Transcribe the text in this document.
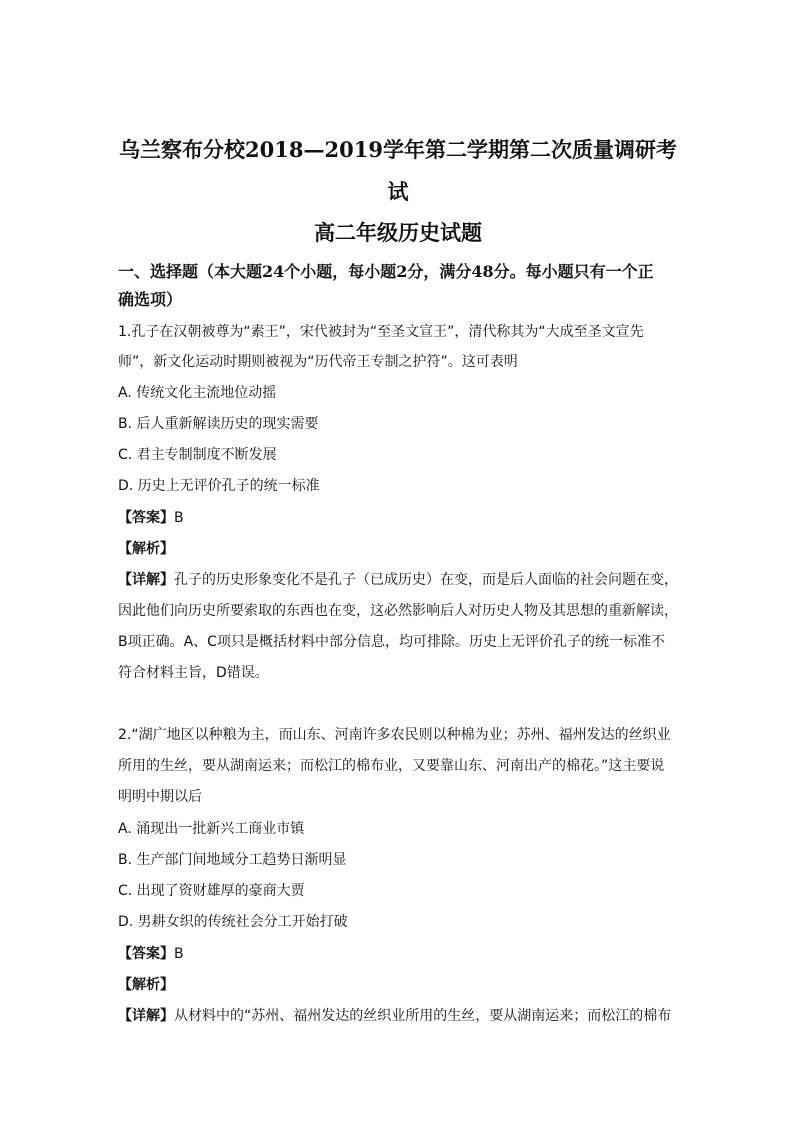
乌兰察布分校2018—2019学年第二学期第二次质量调研考
试
高二年级历史试题
一、选择题（本大题24个小题，每小题2分，满分48分。每小题只有一个正
确选项）
1.孔子在汉朝被尊为“素王”，宋代被封为“至圣文宣王”，清代称其为“大成至圣文宣先
师”，新文化运动时期则被视为“历代帝王专制之护符”。这可表明
A. 传统文化主流地位动摇
B. 后人重新解读历史的现实需要
C. 君主专制制度不断发展
D. 历史上无评价孔子的统一标准
【答案】B
【解析】
【详解】孔子的历史形象变化不是孔子（已成历史）在变，而是后人面临的社会问题在变，
因此他们向历史所要索取的东西也在变，这必然影响后人对历史人物及其思想的重新解读，
B项正确。A、C项只是概括材料中部分信息，均可排除。历史上无评价孔子的统一标准不
符合材料主旨，D错误。
2.“湖广地区以种粮为主，而山东、河南许多农民则以种棉为业；苏州、福州发达的丝织业
所用的生丝，要从湖南运来；而松江的棉布业，又要靠山东、河南出产的棉花。”这主要说
明明中期以后
A. 涌现出一批新兴工商业市镇
B. 生产部门间地域分工趋势日渐明显
C. 出现了资财雄厚的豪商大贾
D. 男耕女织的传统社会分工开始打破
【答案】B
【解析】
【详解】从材料中的“苏州、福州发达的丝织业所用的生丝，要从湖南运来；而松江的棉布
